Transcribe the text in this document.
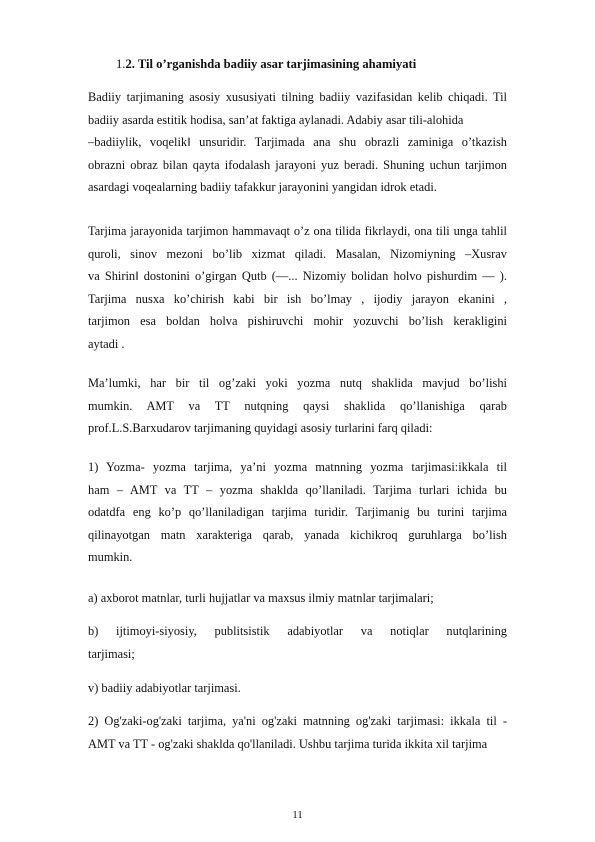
1.2. Til o’rganishda badiiy asar tarjimasining ahamiyati
Badiiy tarjimaning asosiy xususiyati tilning badiiy vazifasidan kelib chiqadi. Til
badiiy asarda estitik hodisa, san’at faktiga aylanadi. Adabiy asar tili-alohida
‒badiiylik, voqelik‖ unsuridir. Tarjimada ana shu obrazli zaminiga o’tkazish
obrazni obraz bilan qayta ifodalash jarayoni yuz beradi. Shuning uchun tarjimon
asardagi voqealarning badiiy tafakkur jarayonini yangidan idrok etadi.
Tarjima jarayonida tarjimon hammavaqt o’z ona tilida fikrlaydi, ona tili unga tahlil
quroli, sinov mezoni bo’lib xizmat qiladi. Masalan, Nizomiyning ‒Xusrav
va Shirin‖ dostonini o’girgan Qutb (―... Nizomiy bolidan holvo pishurdim ― ).
Tarjima nusxa ko’chirish kabi bir ish bo’lmay , ijodiy jarayon ekanini ,
tarjimon esa boldan holva pishiruvchi mohir yozuvchi bo’lish kerakligini
aytadi .
Ma’lumki, har bir til og’zaki yoki yozma nutq shaklida mavjud bo’lishi
mumkin. AMT va TT nutqning qaysi shaklida qo’llanishiga qarab
prof.L.S.Barxudarov tarjimaning quyidagi asosiy turlarini farq qiladi:
1) Yozma- yozma tarjima, ya’ni yozma matnning yozma tarjimasi:ikkala til
ham – AMT va TT – yozma shaklda qo’llaniladi. Tarjima turlari ichida bu
odatdfa eng ko’p qo’llaniladigan tarjima turidir. Tarjimanig bu turini tarjima
qilinayotgan matn xarakteriga qarab, yanada kichikroq guruhlarga bo’lish
mumkin.
a) axborot matnlar, turli hujjatlar va maxsus ilmiy matnlar tarjimalari;
b) ijtimoyi-siyosiy, publitsistik adabiyotlar va notiqlar nutqlarining
tarjimasi;
v) badiiy adabiyotlar tarjimasi.
2) Og'zaki-og'zaki tarjima, ya'ni og'zaki matnning og'zaki tarjimasi: ikkala til -
AMT va TT - og'zaki shaklda qo'llaniladi. Ushbu tarjima turida ikkita xil tarjima
11
